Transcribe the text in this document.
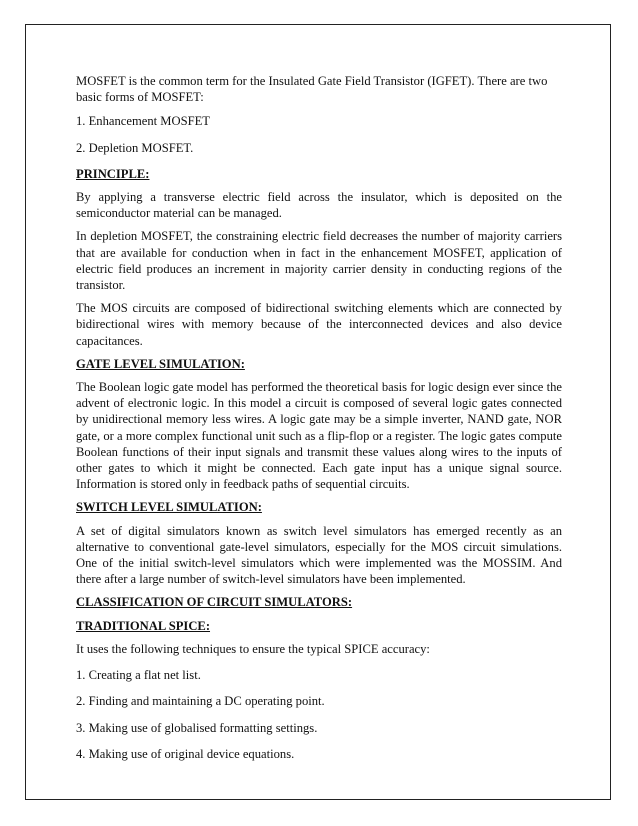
MOSFET is the common term for the Insulated Gate Field Transistor (IGFET). There are two basic forms of MOSFET:

1. Enhancement MOSFET

2. Depletion MOSFET.

PRINCIPLE:

By applying a transverse electric field across the insulator, which is deposited on the semiconductor material can be managed.

In depletion MOSFET, the constraining electric field decreases the number of majority carriers that are available for conduction when in fact in the enhancement MOSFET, application of electric field produces an increment in majority carrier density in conducting regions of the transistor.

The MOS circuits are composed of bidirectional switching elements which are connected by bidirectional wires with memory because of the interconnected devices and also device capacitances.

GATE LEVEL SIMULATION:

The Boolean logic gate model has performed the theoretical basis for logic design ever since the advent of electronic logic. In this model a circuit is composed of several logic gates connected by unidirectional memory less wires. A logic gate may be a simple inverter, NAND gate, NOR gate, or a more complex functional unit such as a flip-flop or a register. The logic gates compute Boolean functions of their input signals and transmit these values along wires to the inputs of other gates to which it might be connected. Each gate input has a unique signal source. Information is stored only in feedback paths of sequential circuits.

SWITCH LEVEL SIMULATION:

A set of digital simulators known as switch level simulators has emerged recently as an alternative to conventional gate-level simulators, especially for the MOS circuit simulations. One of the initial switch-level simulators which were implemented was the MOSSIM. And there after a large number of switch-level simulators have been implemented.

CLASSIFICATION OF CIRCUIT SIMULATORS:
TRADITIONAL SPICE:

It uses the following techniques to ensure the typical SPICE accuracy:

1. Creating a flat net list.

2. Finding and maintaining a DC operating point.

3. Making use of globalised formatting settings.

4. Making use of original device equations.
